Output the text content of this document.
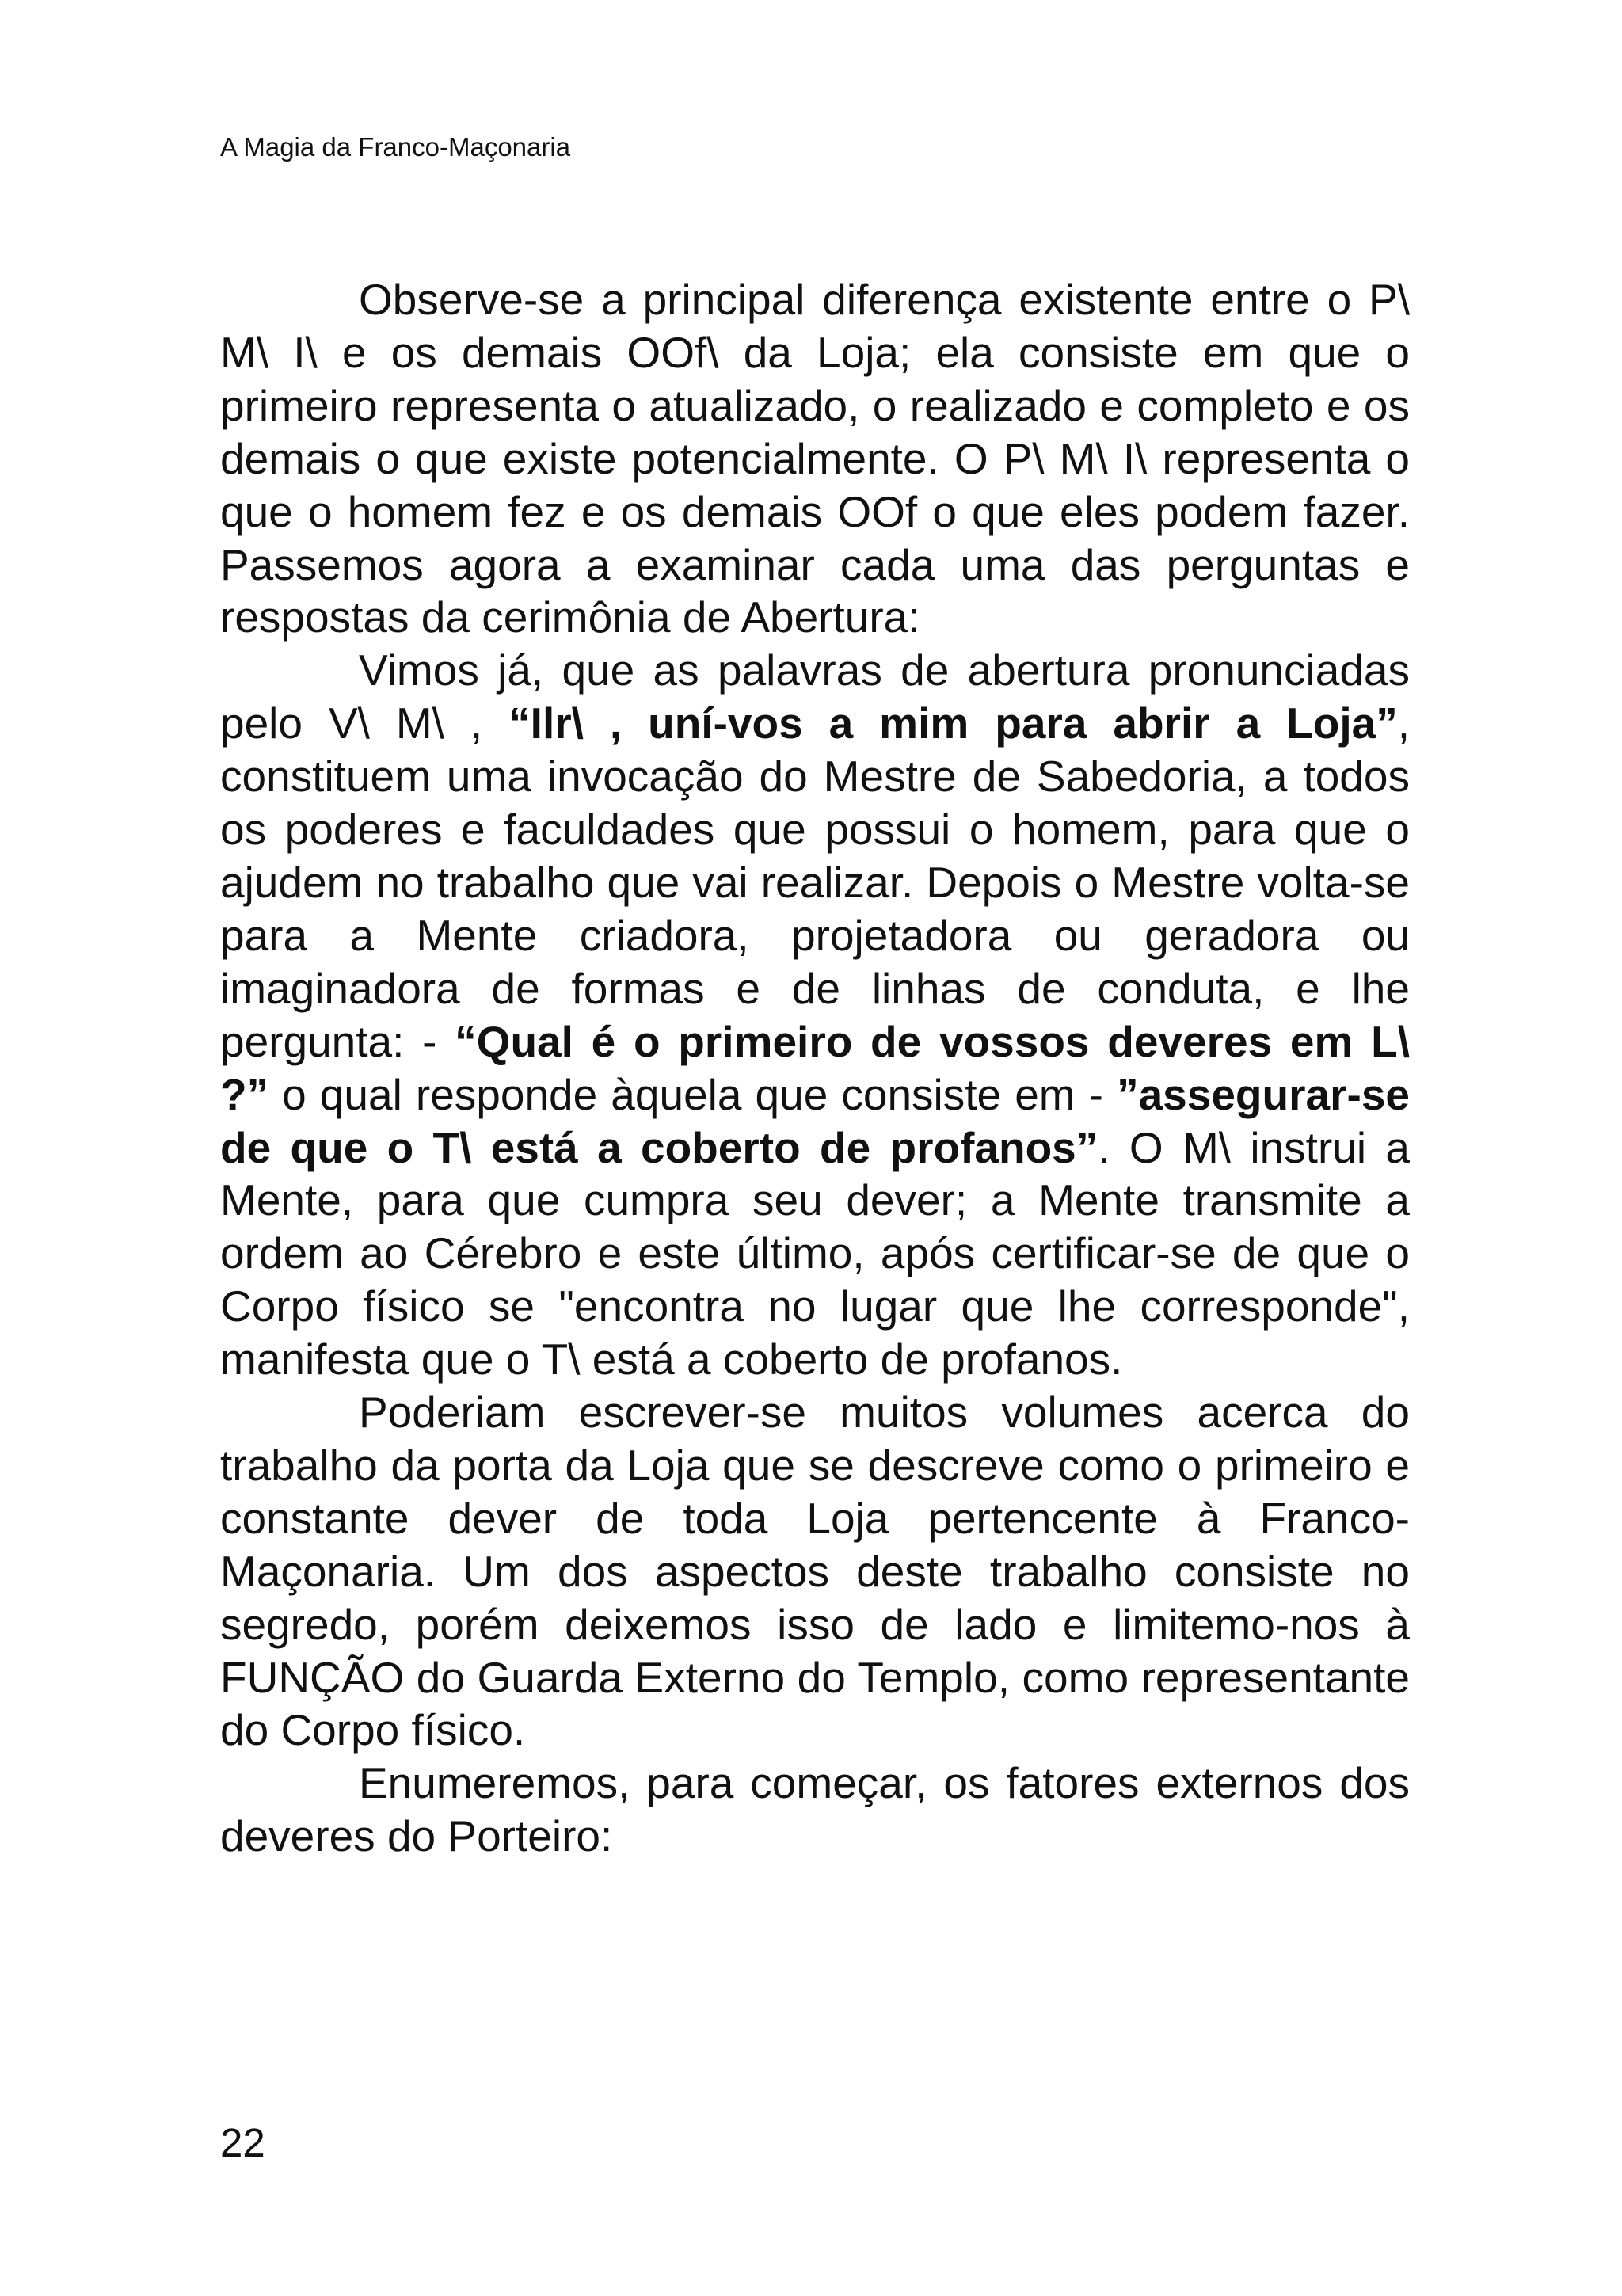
A Magia da Franco-Maçonaria

Observe-se a principal diferença existente entre o P\ M\ I\ e os demais OOf\ da Loja; ela consiste em que o primeiro representa o atualizado, o realizado e completo e os demais o que existe potencialmente. O P\ M\ I\ representa o que o homem fez e os demais OOf o que eles podem fazer. Passemos agora a examinar cada uma das perguntas e respostas da cerimônia de Abertura:

Vimos já, que as palavras de abertura pronunciadas pelo V\ M\ , “Ilr\ , uní-vos a mim para abrir a Loja”, constituem uma invocação do Mestre de Sabedoria, a todos os poderes e faculdades que possui o homem, para que o ajudem no trabalho que vai realizar. Depois o Mestre volta-se para a Mente criadora, projetadora ou geradora ou imaginadora de formas e de linhas de conduta, e lhe pergunta: - “Qual é o primeiro de vossos deveres em L\ ?” o qual responde àquela que consiste em - ”assegurar-se de que o T\ está a coberto de profanos”. O M\ instrui a Mente, para que cumpra seu dever; a Mente transmite a ordem ao Cérebro e este último, após certificar-se de que o Corpo físico se "encontra no lugar que lhe corresponde", manifesta que o T\ está a coberto de profanos.

Poderiam escrever-se muitos volumes acerca do trabalho da porta da Loja que se descreve como o primeiro e constante dever de toda Loja pertencente à Franco-Maçonaria. Um dos aspectos deste trabalho consiste no segredo, porém deixemos isso de lado e limitemo-nos à FUNÇÃO do Guarda Externo do Templo, como representante do Corpo físico.

Enumeremos, para começar, os fatores externos dos deveres do Porteiro:

22
